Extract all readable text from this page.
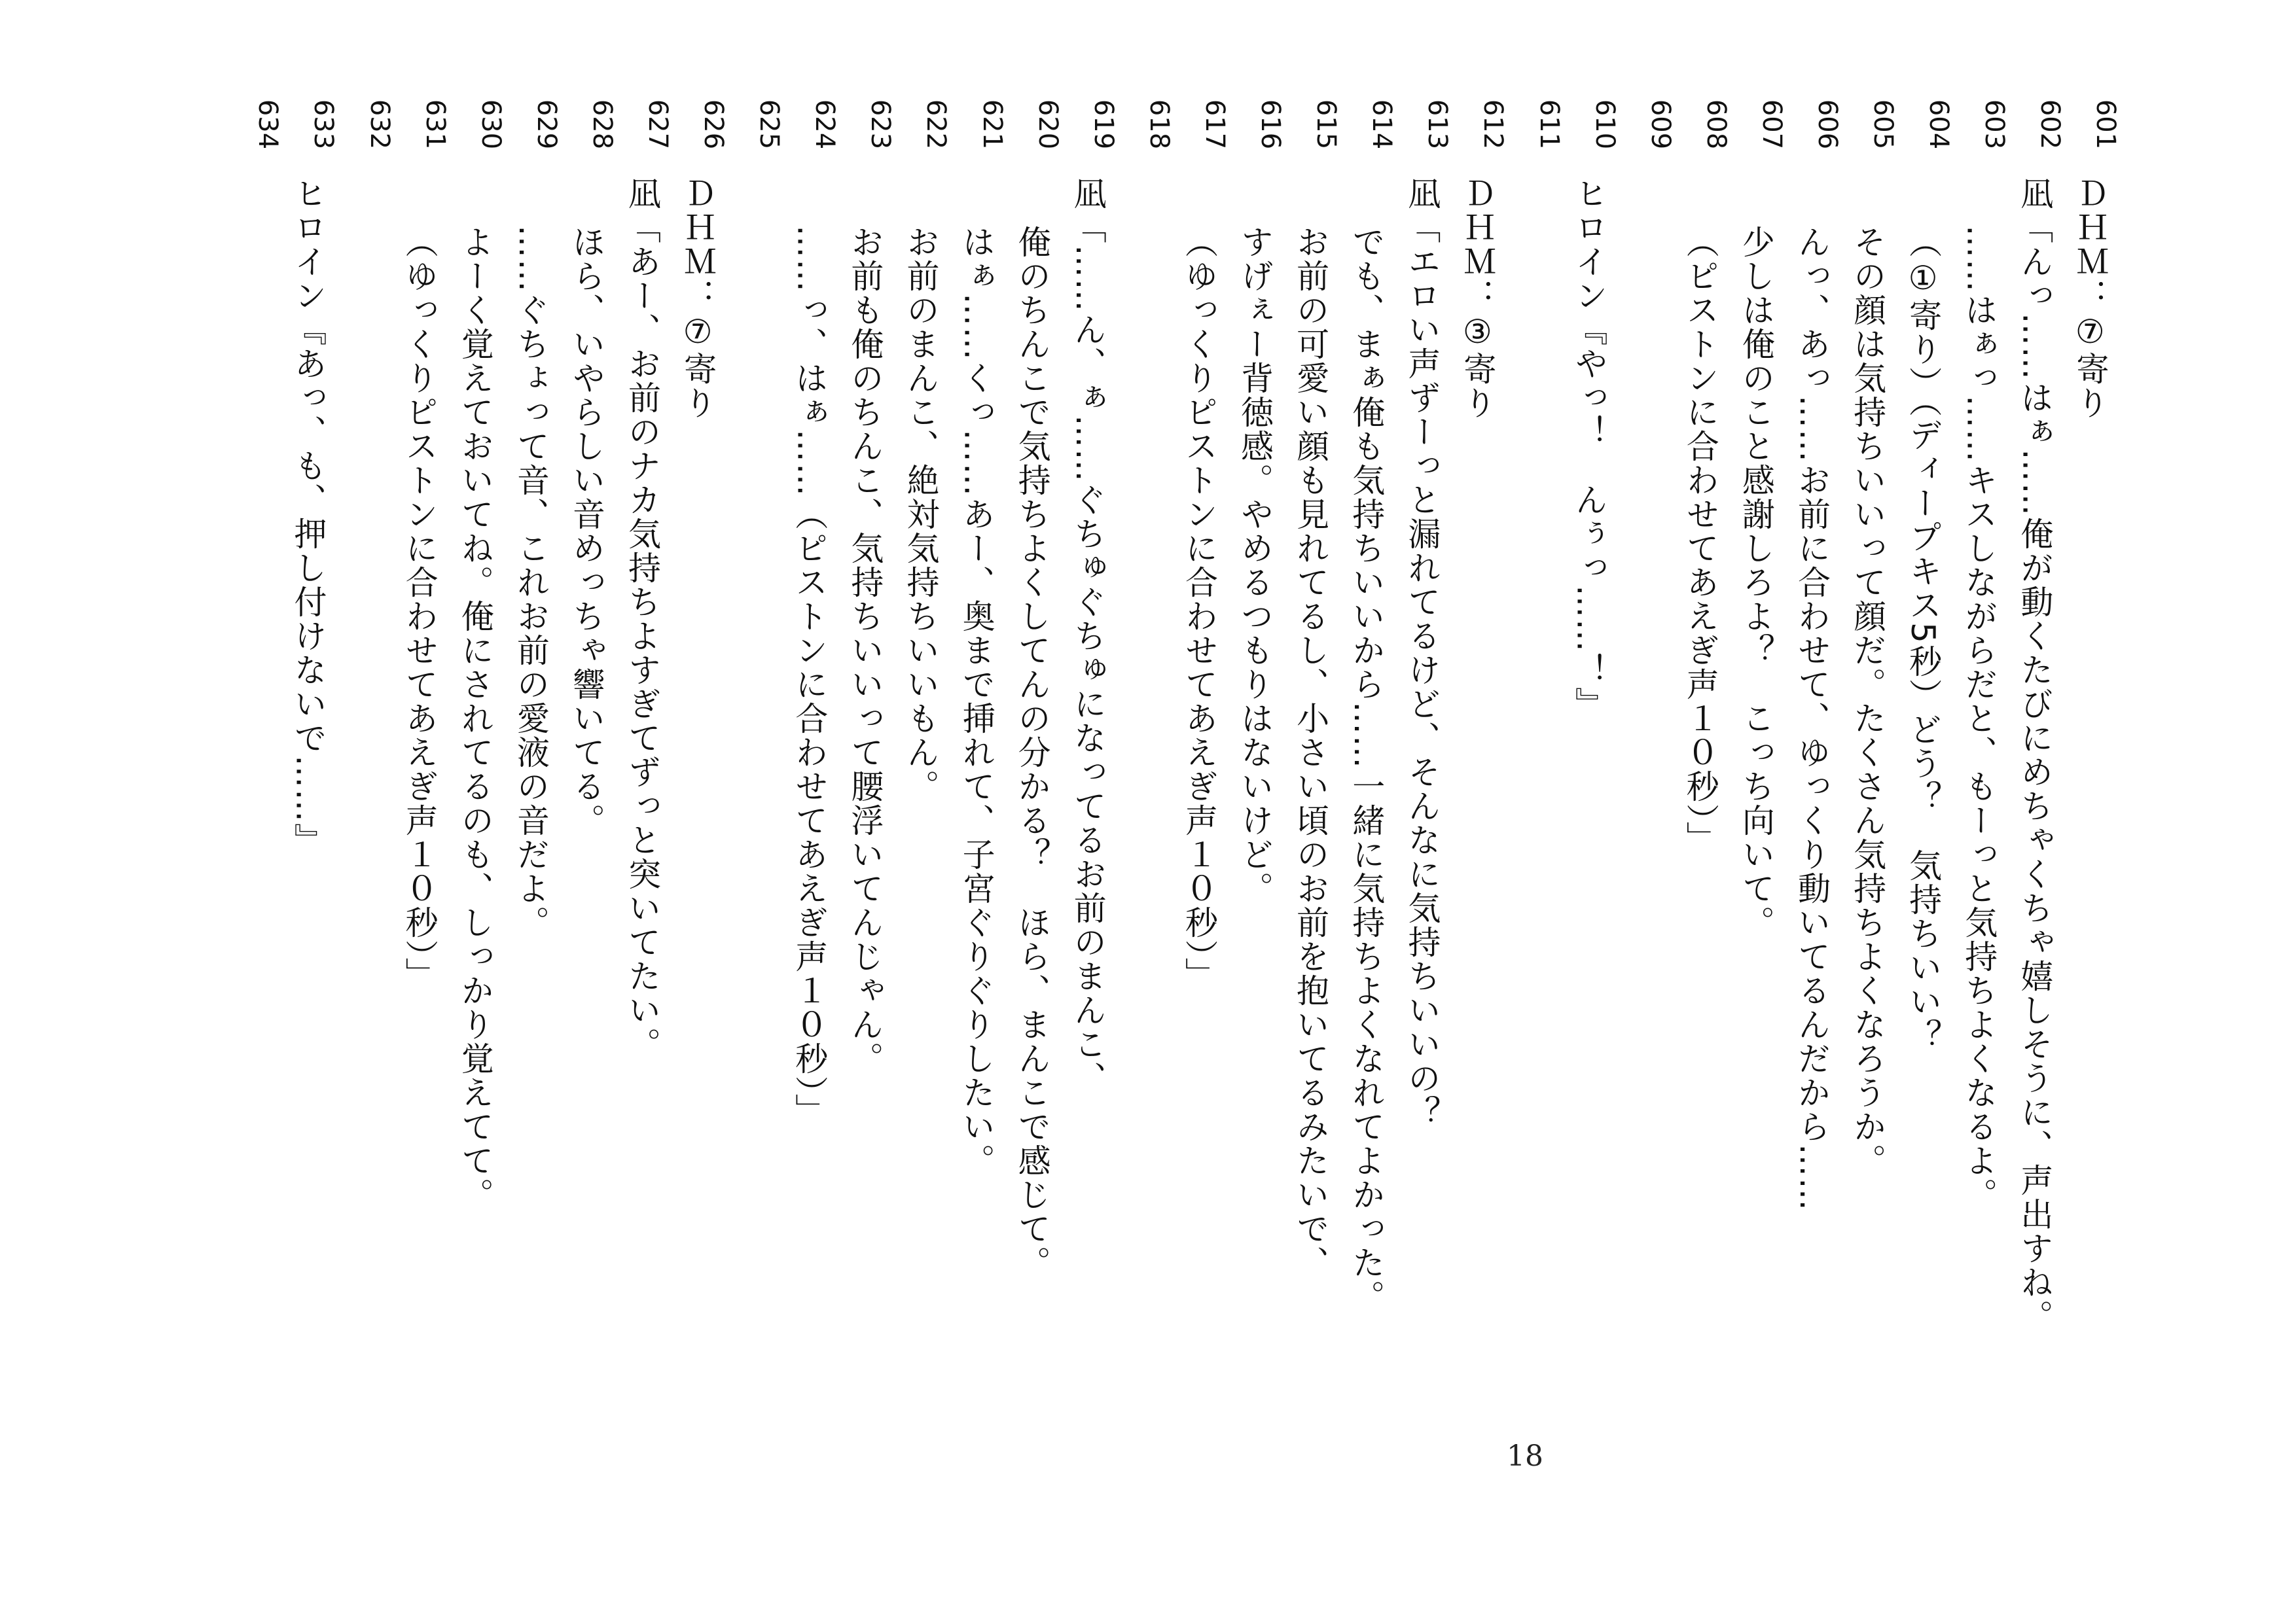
601
ＤＨＭ：⑦寄り
602
凪「んっ……はぁ……俺が動くたびにめちゃくちゃ嬉しそうに、声出すね。
603
……はぁっ……キスしながらだと、もーっと気持ちよくなるよ。
604
（①寄り）（ディープキス5秒）どう？　気持ちいい？
605
その顔は気持ちいいって顔だ。たくさん気持ちよくなろうか。
606
んっ、あっ……お前に合わせて、ゆっくり動いてるんだから……
607
少しは俺のこと感謝しろよ？　こっち向いて。
608
（ピストンに合わせてあえぎ声１０秒）」
609
610
ヒロイン『やっ！　んぅっ……！』
611
612
ＤＨＭ：③寄り
613
凪「エロい声ずーっと漏れてるけど、そんなに気持ちいいの？
614
でも、まぁ俺も気持ちいいから……一緒に気持ちよくなれてよかった。
615
お前の可愛い顔も見れてるし、小さい頃のお前を抱いてるみたいで、
616
すげぇー背徳感。やめるつもりはないけど。
617
（ゆっくりピストンに合わせてあえぎ声１０秒）」
618
619
凪「……ん、ぁ……ぐちゅぐちゅになってるお前のまんこ、
620
俺のちんこで気持ちよくしてんの分かる？　ほら、まんこで感じて。
621
はぁ……くっ……あー、奥まで挿れて、子宮ぐりぐりしたい。
622
お前のまんこ、絶対気持ちいいもん。
623
お前も俺のちんこ、気持ちいいって腰浮いてんじゃん。
624
……っ、はぁ……（ピストンに合わせてあえぎ声１０秒）」
625
626
ＤＨＭ：⑦寄り
627
凪「あー、お前のナカ気持ちよすぎてずっと突いてたい。
628
ほら、いやらしい音めっちゃ響いてる。
629
……ぐちょって音、これお前の愛液の音だよ。
630
よーく覚えておいてね。俺にされてるのも、しっかり覚えてて。
631
（ゆっくりピストンに合わせてあえぎ声１０秒）」
632
633
ヒロイン『あっ、も、押し付けないで……』
634
18
